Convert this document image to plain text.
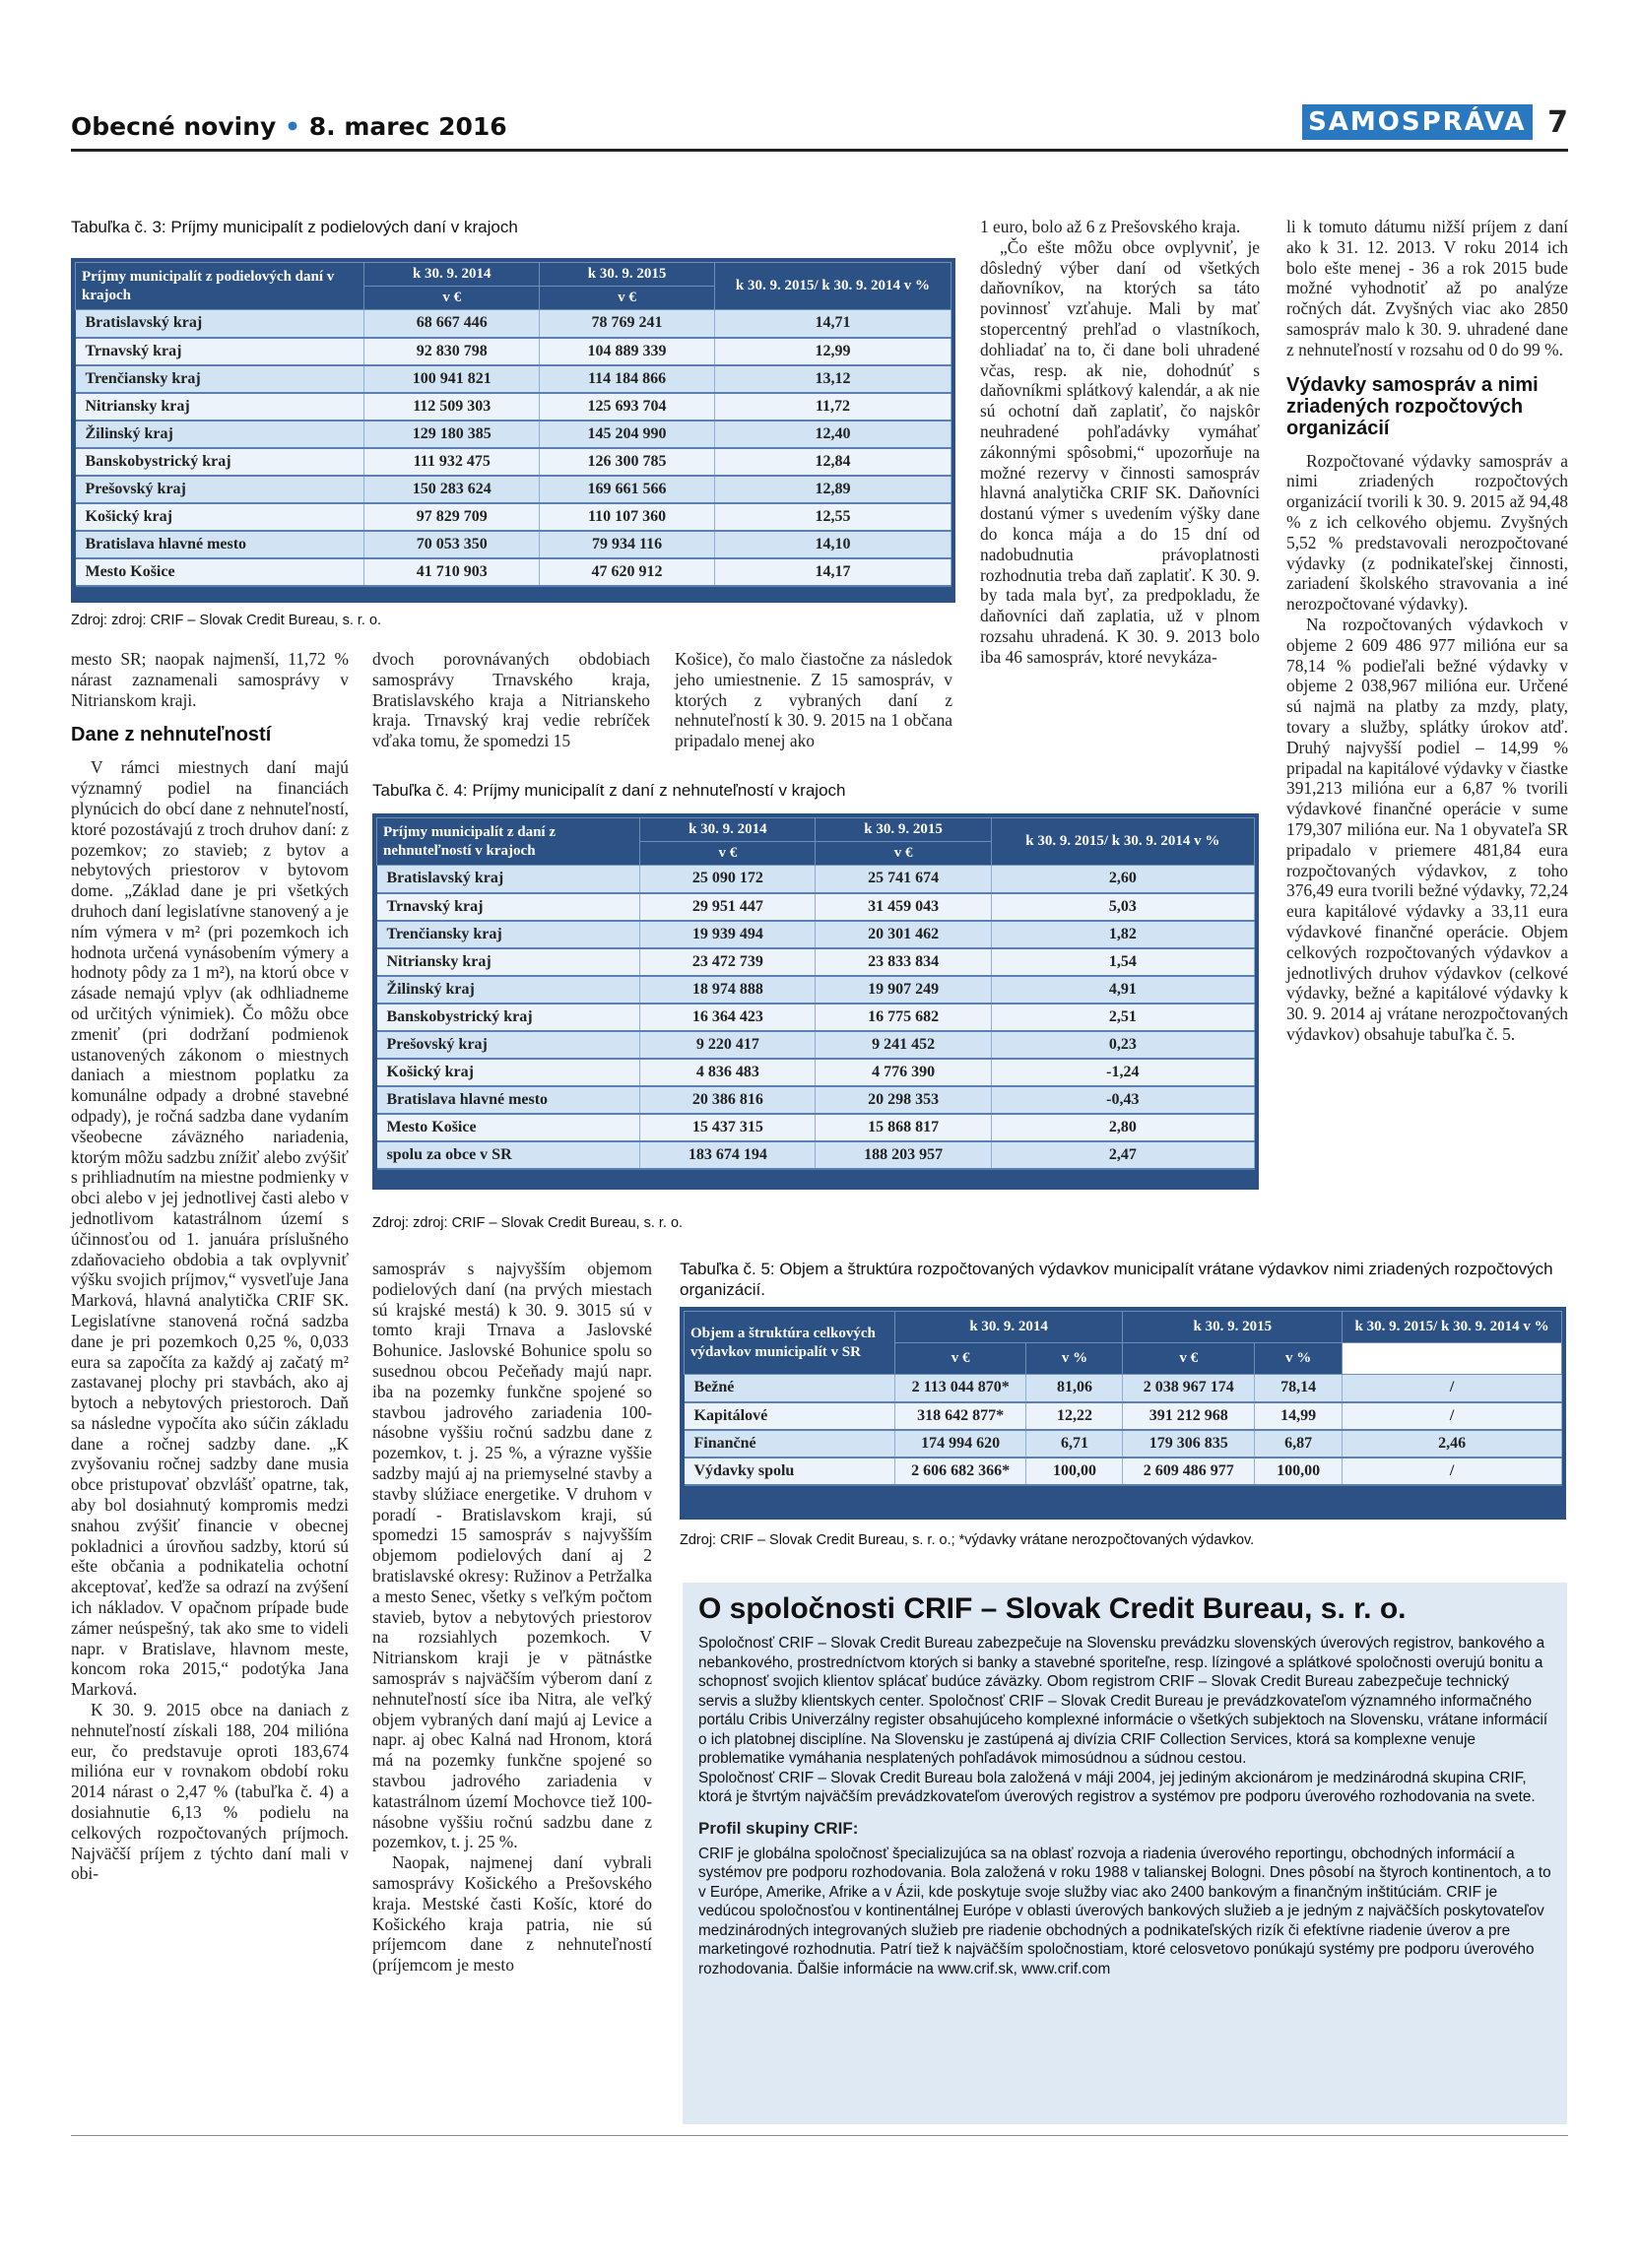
Obecné noviny • 8. marec 2016	SAMOSPRÁVA 7
Tabuľka č. 3: Príjmy municipalít z podielových daní v krajoch
Príjmy municipalít z podielových daní v krajoch	k 30. 9. 2014	k 30. 9. 2015	k 30. 9. 2015/ k 30. 9. 2014 v %
	v €	v €	
Bratislavský kraj	68 667 446	78 769 241	14,71
Trnavský kraj	92 830 798	104 889 339	12,99
Trenčiansky kraj	100 941 821	114 184 866	13,12
Nitriansky kraj	112 509 303	125 693 704	11,72
Žilinský kraj	129 180 385	145 204 990	12,40
Banskobystrický kraj	111 932 475	126 300 785	12,84
Prešovský kraj	150 283 624	169 661 566	12,89
Košický kraj	97 829 709	110 107 360	12,55
Bratislava hlavné mesto	70 053 350	79 934 116	14,10
Mesto Košice	41 710 903	47 620 912	14,17
Zdroj: zdroj: CRIF – Slovak Credit Bureau, s. r. o.

mesto SR; naopak najmenší, 11,72 % nárast zaznamenali samosprávy v Nitrianskom kraji.

Dane z nehnuteľností

V rámci miestnych daní majú významný podiel na financiách plynúcich do obcí dane z nehnuteľností, ktoré pozostávajú z troch druhov daní: z pozemkov; zo stavieb; z bytov a nebytových priestorov v bytovom dome. „Základ dane je pri všetkých druhoch daní legislatívne stanovený a je ním výmera v m² (pri pozemkoch ich hodnota určená vynásobením výmery a hodnoty pôdy za 1 m²), na ktorú obce v zásade nemajú vplyv (ak odhliadneme od určitých výnimiek). Čo môžu obce zmeniť (pri dodržaní podmienok ustanovených zákonom o miestnych daniach a miestnom poplatku za komunálne odpady a drobné stavebné odpady), je ročná sadzba dane vydaním všeobecne záväzného nariadenia, ktorým môžu sadzbu znížiť alebo zvýšiť s prihliadnutím na miestne podmienky v obci alebo v jej jednotlivej časti alebo v jednotlivom katastrálnom území s účinnosťou od 1. januára príslušného zdaňovacieho obdobia a tak ovplyvniť výšku svojich príjmov,“ vysvetľuje Jana Marková, hlavná analytička CRIF SK. Legislatívne stanovená ročná sadzba dane je pri pozemkoch 0,25 %, 0,033 eura sa započíta za každý aj začatý m² zastavanej plochy pri stavbách, ako aj bytoch a nebytových priestoroch. Daň sa následne vypočíta ako súčin základu dane a ročnej sadzby dane. „K zvyšovaniu ročnej sadzby dane musia obce pristupovať obzvlášť opatrne, tak, aby bol dosiahnutý kompromis medzi snahou zvýšiť financie v obecnej pokladnici a úrovňou sadzby, ktorú sú ešte občania a podnikatelia ochotní akceptovať, keďže sa odrazí na zvýšení ich nákladov. V opačnom prípade bude zámer neúspešný, tak ako sme to videli napr. v Bratislave, hlavnom meste, koncom roka 2015,“ podotýka Jana Marková.

K 30. 9. 2015 obce na daniach z nehnuteľností získali 188, 204 milióna eur, čo predstavuje oproti 183,674 milióna eur v rovnakom období roku 2014 nárast o 2,47 % (tabuľka č. 4) a dosiahnutie 6,13 % podielu na celkových rozpočtovaných príjmoch. Najväčší príjem z týchto daní mali v obi-

dvoch porovnávaných obdobiach samosprávy Trnavského kraja, Bratislavského kraja a Nitrianskeho kraja. Trnavský kraj vedie rebríček vďaka tomu, že spomedzi 15

Košice), čo malo čiastočne za následok jeho umiestnenie. Z 15 samospráv, v ktorých z vybraných daní z nehnuteľností k 30. 9. 2015 na 1 občana pripadalo menej ako

1 euro, bolo až 6 z Prešovského kraja.

„Čo ešte môžu obce ovplyvniť, je dôsledný výber daní od všetkých daňovníkov, na ktorých sa táto povinnosť vzťahuje. Mali by mať stopercentný prehľad o vlastníkoch, dohliadať na to, či dane boli uhradené včas, resp. ak nie, dohodnúť s daňovníkmi splátkový kalendár, a ak nie sú ochotní daň zaplatiť, čo najskôr neuhradené pohľadávky vymáhať zákonnými spôsobmi,“ upozorňuje na možné rezervy v činnosti samospráv hlavná analytička CRIF SK. Daňovníci dostanú výmer s uvedením výšky dane do konca mája a do 15 dní od nadobudnutia právoplatnosti rozhodnutia treba daň zaplatiť. K 30. 9. by tada mala byť, za predpokladu, že daňovníci daň zaplatia, už v plnom rozsahu uhradená. K 30. 9. 2013 bolo iba 46 samospráv, ktoré nevykáza-

li k tomuto dátumu nižší príjem z daní ako k 31. 12. 2013. V roku 2014 ich bolo ešte menej - 36 a rok 2015 bude možné vyhodnotiť až po analýze ročných dát. Zvyšných viac ako 2850 samospráv malo k 30. 9. uhradené dane z nehnuteľností v rozsahu od 0 do 99 %.

Výdavky samospráv a nimi zriadených rozpočtových organizácií

Rozpočtované výdavky samospráv a nimi zriadených rozpočtových organizácií tvorili k 30. 9. 2015 až 94,48 % z ich celkového objemu. Zvyšných 5,52 % predstavovali nerozpočtované výdavky (z podnikateľskej činnosti, zariadení školského stravovania a iné nerozpočtované výdavky).

Na rozpočtovaných výdavkoch v objeme 2 609 486 977 milióna eur sa 78,14 % podieľali bežné výdavky v objeme 2 038,967 milióna eur. Určené sú najmä na platby za mzdy, platy, tovary a služby, splátky úrokov atď. Druhý najvyšší podiel – 14,99 % pripadal na kapitálové výdavky v čiastke 391,213 milióna eur a 6,87 % tvorili výdavkové finančné operácie v sume 179,307 milióna eur. Na 1 obyvateľa SR pripadalo v priemere 481,84 eura rozpočtovaných výdavkov, z toho 376,49 eura tvorili bežné výdavky, 72,24 eura kapitálové výdavky a 33,11 eura výdavkové finančné operácie. Objem celkových rozpočtovaných výdavkov a jednotlivých druhov výdavkov (celkové výdavky, bežné a kapitálové výdavky k 30. 9. 2014 aj vrátane nerozpočtovaných výdavkov) obsahuje tabuľka č. 5.

Tabuľka č. 4: Príjmy municipalít z daní z nehnuteľností v krajoch
Príjmy municipalít z daní z nehnuteľností v krajoch	k 30. 9. 2014	k 30. 9. 2015	k 30. 9. 2015/ k 30. 9. 2014 v %
	v €	v €	
Bratislavský kraj	25 090 172	25 741 674	2,60
Trnavský kraj	29 951 447	31 459 043	5,03
Trenčiansky kraj	19 939 494	20 301 462	1,82
Nitriansky kraj	23 472 739	23 833 834	1,54
Žilinský kraj	18 974 888	19 907 249	4,91
Banskobystrický kraj	16 364 423	16 775 682	2,51
Prešovský kraj	9 220 417	9 241 452	0,23
Košický kraj	4 836 483	4 776 390	-1,24
Bratislava hlavné mesto	20 386 816	20 298 353	-0,43
Mesto Košice	15 437 315	15 868 817	2,80
spolu za obce v SR	183 674 194	188 203 957	2,47
Zdroj: zdroj: CRIF – Slovak Credit Bureau, s. r. o.

samospráv s najvyšším objemom podielových daní (na prvých miestach sú krajské mestá) k 30. 9. 3015 sú v tomto kraji Trnava a Jaslovské Bohunice. Jaslovské Bohunice spolu so susednou obcou Pečeňady majú napr. iba na pozemky funkčne spojené so stavbou jadrového zariadenia 100-násobne vyššiu ročnú sadzbu dane z pozemkov, t. j. 25 %, a výrazne vyššie sadzby majú aj na priemyselné stavby a stavby slúžiace energetike. V druhom v poradí - Bratislavskom kraji, sú spomedzi 15 samospráv s najvyšším objemom podielových daní aj 2 bratislavské okresy: Ružinov a Petržalka a mesto Senec, všetky s veľkým počtom stavieb, bytov a nebytových priestorov na rozsiahlych pozemkoch. V Nitrianskom kraji je v pätnástke samospráv s najväčším výberom daní z nehnuteľností síce iba Nitra, ale veľký objem vybraných daní majú aj Levice a napr. aj obec Kalná nad Hronom, ktorá má na pozemky funkčne spojené so stavbou jadrového zariadenia v katastrálnom území Mochovce tiež 100-násobne vyššiu ročnú sadzbu dane z pozemkov, t. j. 25 %.

Naopak, najmenej daní vybrali samosprávy Košického a Prešovského kraja. Mestské časti Košíc, ktoré do Košického kraja patria, nie sú príjemcom dane z nehnuteľností (príjemcom je mesto

Tabuľka č. 5: Objem a štruktúra rozpočtovaných výdavkov municipalít vrátane výdavkov nimi zriadených rozpočtových organizácií.
Objem a štruktúra celkových výdavkov municipalít v SR	k 30. 9. 2014		k 30. 9. 2015		k 30. 9. 2015/ k 30. 9. 2014 v %
	v €	v %	v €	v %	
Bežné	2 113 044 870*	81,06	2 038 967 174	78,14	/
Kapitálové	318 642 877*	12,22	391 212 968	14,99	/
Finančné	174 994 620	6,71	179 306 835	6,87	2,46
Výdavky spolu	2 606 682 366*	100,00	2 609 486 977	100,00	/
Zdroj: CRIF – Slovak Credit Bureau, s. r. o.; *výdavky vrátane nerozpočtovaných výdavkov.
O spoločnosti CRIF – Slovak Credit Bureau, s. r. o.

Spoločnosť CRIF – Slovak Credit Bureau zabezpečuje na Slovensku prevádzku slovenských úverových registrov, bankového a nebankového, prostredníctvom ktorých si banky a stavebné sporiteľne, resp. lízingové a splátkové spoločnosti overujú bonitu a schopnosť svojich klientov splácať budúce záväzky. Obom registrom CRIF – Slovak Credit Bureau zabezpečuje technický servis a služby klientskych center. Spoločnosť CRIF – Slovak Credit Bureau je prevádzkovateľom významného informačného portálu Cribis Univerzálny register obsahujúceho komplexné informácie o všetkých subjektoch na Slovensku, vrátane informácií o ich platobnej disciplíne. Na Slovensku je zastúpená aj divízia CRIF Collection Services, ktorá sa komplexne venuje problematike vymáhania nesplatených pohľadávok mimosúdnou a súdnou cestou.

Spoločnosť CRIF – Slovak Credit Bureau bola založená v máji 2004, jej jediným akcionárom je medzinárodná skupina CRIF, ktorá je štvrtým najväčším prevádzkovateľom úverových registrov a systémov pre podporu úverového rozhodovania na svete.

Profil skupiny CRIF:

CRIF je globálna spoločnosť špecializujúca sa na oblasť rozvoja a riadenia úverového reportingu, obchodných informácií a systémov pre podporu rozhodovania. Bola založená v roku 1988 v talianskej Bologni. Dnes pôsobí na štyroch kontinentoch, a to v Európe, Amerike, Afrike a v Ázii, kde poskytuje svoje služby viac ako 2400 bankovým a finančným inštitúciám. CRIF je vedúcou spoločnosťou v kontinentálnej Európe v oblasti úverových bankových služieb a je jedným z najväčších poskytovateľov medzinárodných integrovaných služieb pre riadenie obchodných a podnikateľských rizík či efektívne riadenie úverov a pre marketingové rozhodnutia. Patrí tiež k najväčším spoločnostiam, ktoré celosvetovo ponúkajú systémy pre podporu úverového rozhodovania. Ďalšie informácie na www.crif.sk, www.crif.com
